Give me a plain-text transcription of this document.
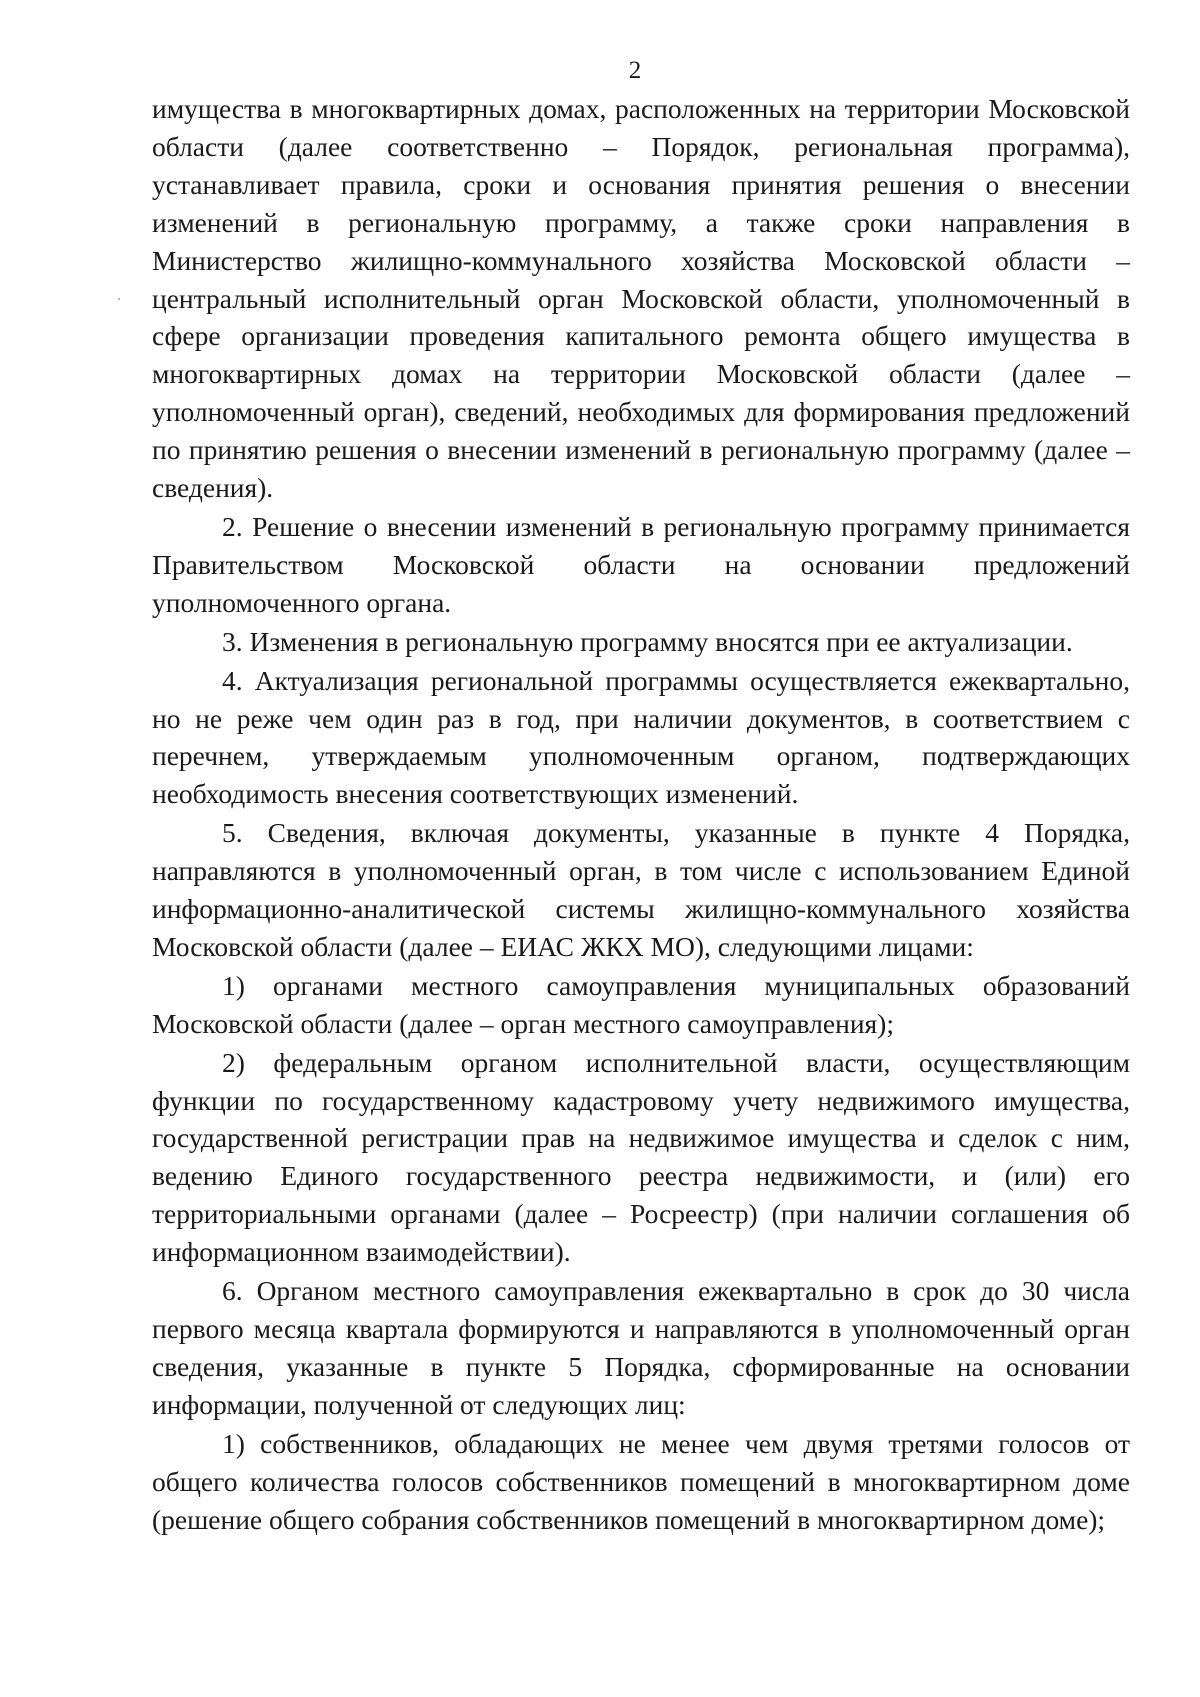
2

имущества в многоквартирных домах, расположенных на территории Московской области (далее соответственно – Порядок, региональная программа), устанавливает правила, сроки и основания принятия решения о внесении изменений в региональную программу, а также сроки направления в Министерство жилищно-коммунального хозяйства Московской области – центральный исполнительный орган Московской области, уполномоченный в сфере организации проведения капитального ремонта общего имущества в многоквартирных домах на территории Московской области (далее – уполномоченный орган), сведений, необходимых для формирования предложений по принятию решения о внесении изменений в региональную программу (далее – сведения).

2. Решение о внесении изменений в региональную программу принимается Правительством Московской области на основании предложений уполномоченного органа.

3. Изменения в региональную программу вносятся при ее актуализации.

4. Актуализация региональной программы осуществляется ежеквартально, но не реже чем один раз в год, при наличии документов, в соответствием с перечнем, утверждаемым уполномоченным органом, подтверждающих необходимость внесения соответствующих изменений.

5. Сведения, включая документы, указанные в пункте 4 Порядка, направляются в уполномоченный орган, в том числе с использованием Единой информационно-аналитической системы жилищно-коммунального хозяйства Московской области (далее – ЕИАС ЖКХ МО), следующими лицами:

1) органами местного самоуправления муниципальных образований Московской области (далее – орган местного самоуправления);

2) федеральным органом исполнительной власти, осуществляющим функции по государственному кадастровому учету недвижимого имущества, государственной регистрации прав на недвижимое имущества и сделок с ним, ведению Единого государственного реестра недвижимости, и (или) его территориальными органами (далее – Росреестр) (при наличии соглашения об информационном взаимодействии).

6. Органом местного самоуправления ежеквартально в срок до 30 числа первого месяца квартала формируются и направляются в уполномоченный орган сведения, указанные в пункте 5 Порядка, сформированные на основании информации, полученной от следующих лиц:

1) собственников, обладающих не менее чем двумя третями голосов от общего количества голосов собственников помещений в многоквартирном доме (решение общего собрания собственников помещений в многоквартирном доме);
